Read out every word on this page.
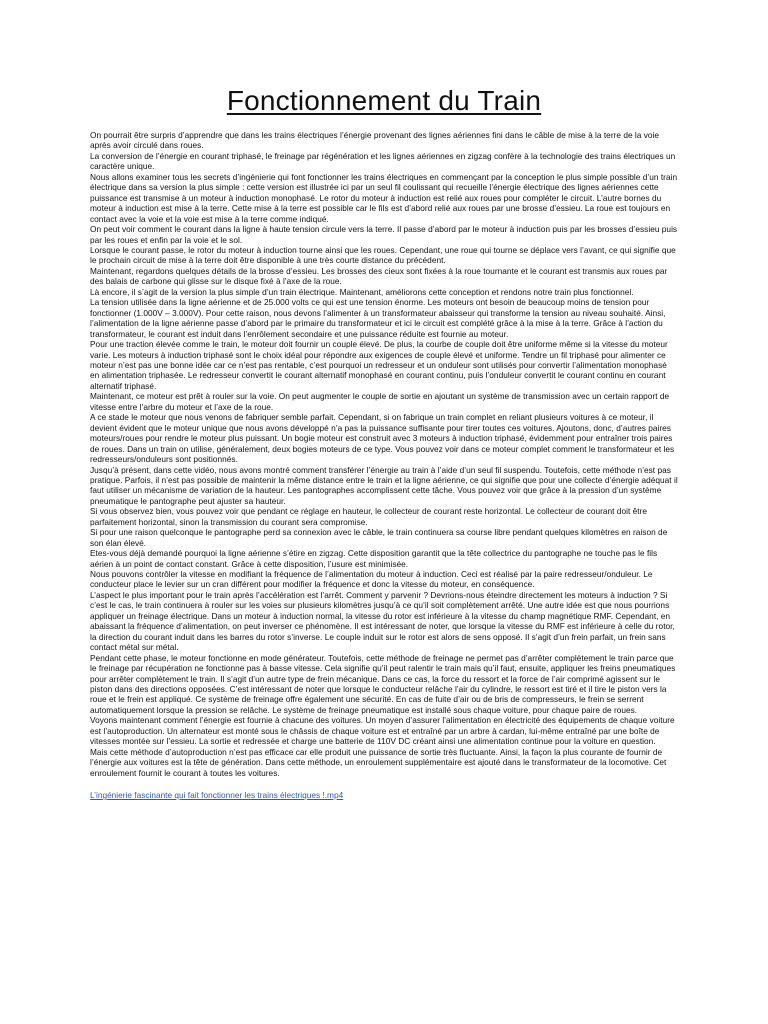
Fonctionnement du Train

On pourrait être surpris d’apprendre que dans les trains électriques l’énergie provenant des lignes aériennes fini dans le câble de mise à la terre de la voie après avoir circulé dans roues.

La conversion de l’énergie en courant triphasé, le freinage par régénération et les lignes aériennes en zigzag confère à la technologie des trains électriques un caractère unique.

Nous allons examiner tous les secrets d’ingénierie qui font fonctionner les trains électriques en commençant par la conception le plus simple possible d’un train électrique dans sa version la plus simple : cette version est illustrée ici par un seul fil coulissant qui recueille l’énergie électrique des lignes aériennes cette puissance est transmise à un moteur à induction monophasé. Le rotor du moteur à induction est relié aux roues pour compléter le circuit. L’autre bornes du moteur à induction est mise à la terre. Cette mise à la terre est possible car le fils est d’abord relié aux roues par une brosse d’essieu. La roue est toujours en contact avec la voie et la voie est mise à la terre comme indiqué.

On peut voir comment le courant dans la ligne à haute tension circule vers la terre. Il passe d’abord par le moteur à induction puis par les brosses d’essieu puis par les roues et enfin par la voie et le sol.

Lorsque le courant passe, le rotor du moteur à induction tourne ainsi que les roues. Cependant, une roue qui tourne se déplace vers l’avant, ce qui signifie que le prochain circuit de mise à la terre doit être disponible à une très courte distance du précédent.

Maintenant, regardons quelques détails de la brosse d’essieu. Les brosses des cieux sont fixées à la roue tournante et le courant est transmis aux roues par des balais de carbone qui glisse sur le disque fixé à l’axe de la roue.

Là encore, il s’agit de la version la plus simple d’un train électrique. Maintenant, améliorons cette conception et rendons notre train plus fonctionnel.

La tension utilisée dans la ligne aérienne et de 25.000 volts ce qui est une tension énorme. Les moteurs ont besoin de beaucoup moins de tension pour fonctionner (1.000V – 3.000V). Pour cette raison, nous devons l’alimenter à un transformateur abaisseur qui transforme la tension au niveau souhaité. Ainsi, l’alimentation de la ligne aérienne passe d’abord par le primaire du transformateur et ici le circuit est complété grâce à la mise à la terre. Grâce à l’action du transformateur, le courant est induit dans l’enrôlement secondaire et une puissance réduite est fournie au moteur.

Pour une traction élevée comme le train, le moteur doit fournir un couple élevé. De plus, la courbe de couple doit être uniforme même si la vitesse du moteur varie. Les moteurs à induction triphasé sont le choix idéal pour répondre aux exigences de couple élevé et uniforme. Tendre un fil triphasé pour alimenter ce moteur n’est pas une bonne idée car ce n’est pas rentable, c’est pourquoi un redresseur et un onduleur sont utilisés pour convertir l’alimentation monophasé en alimentation triphasée. Le redresseur convertit le courant alternatif monophasé en courant continu, puis l’onduleur convertit le courant continu en courant alternatif triphasé.

Maintenant, ce moteur est prêt à rouler sur la voie. On peut augmenter le couple de sortie en ajoutant un système de transmission avec un certain rapport de vitesse entre l’arbre du moteur et l’axe de la roue.

A ce stade le moteur que nous venons de fabriquer semble parfait. Cependant, si on fabrique un train complet en reliant plusieurs voitures à ce moteur, il devient évident que le moteur unique que nous avons développé n’a pas la puissance suffisante pour tirer toutes ces voitures. Ajoutons, donc, d’autres paires moteurs/roues pour rendre le moteur plus puissant. Un bogie moteur est construit avec 3 moteurs à induction triphasé, évidemment pour entraîner trois paires de roues. Dans un train on utilise, généralement, deux bogies moteurs de ce type. Vous pouvez voir dans ce moteur complet comment le transformateur et les redresseurs/onduleurs sont positionnés.

Jusqu’à présent, dans cette vidéo, nous avons montré comment transférer l’énergie au train à l’aide d’un seul fil suspendu. Toutefois, cette méthode n’est pas pratique. Parfois, il n’est pas possible de maintenir la même distance entre le train et la ligne aérienne, ce qui signifie que pour une collecte d’énergie adéquat il faut utiliser un mécanisme de variation de la hauteur. Les pantographes accomplissent cette tâche. Vous pouvez voir que grâce à la pression d’un système pneumatique le pantographe peut ajuster sa hauteur.

Si vous observez bien, vous pouvez voir que pendant ce réglage en hauteur, le collecteur de courant reste horizontal. Le collecteur de courant doit être parfaitement horizontal, sinon la transmission du courant sera compromise.

Si pour une raison quelconque le pantographe perd sa connexion avec le câble, le train continuera sa course libre pendant quelques kilomètres en raison de son élan élevé.

Etes-vous déjà demandé pourquoi la ligne aérienne s’étire en zigzag. Cette disposition garantit que la tête collectrice du pantographe ne touche pas le fils aérien à un point de contact constant. Grâce à cette disposition, l’usure est minimisée.

Nous pouvons contrôler la vitesse en modifiant la fréquence de l’alimentation du moteur à induction. Ceci est réalisé par la paire redresseur/onduleur. Le conducteur place le levier sur un cran différent pour modifier la fréquence et donc la vitesse du moteur, en conséquence.

L’aspect le plus important pour le train après l’accélération est l’arrêt. Comment y parvenir ? Devrions-nous éteindre directement les moteurs à induction ? Si c’est le cas, le train continuera à rouler sur les voies sur plusieurs kilomètres jusqu’à ce qu’il soit complètement arrêté. Une autre idée est que nous pourrions appliquer un freinage électrique. Dans un moteur à induction normal, la vitesse du rotor est inférieure à la vitesse du champ magnétique RMF. Cependant, en abaissant la fréquence d’alimentation, on peut inverser ce phénomène. Il est intéressant de noter, que lorsque la vitesse du RMF est inférieure à celle du rotor, la direction du courant induit dans les barres du rotor s’inverse. Le couple induit sur le rotor est alors de sens opposé. Il s’agit d’un frein parfait, un frein sans contact métal sur métal.

Pendant cette phase, le moteur fonctionne en mode générateur. Toutefois, cette méthode de freinage ne permet pas d’arrêter complètement le train parce que le freinage par récupération ne fonctionne pas à basse vitesse. Cela signifie qu’il peut ralentir le train mais qu’il faut, ensuite, appliquer les freins pneumatiques pour arrêter complètement le train. Il s’agit d’un autre type de frein mécanique. Dans ce cas, la force du ressort et la force de l’air comprimé agissent sur le piston dans des directions opposées. C’est intéressant de noter que lorsque le conducteur relâche l’air du cylindre, le ressort est tiré et il tire le piston vers la roue et le frein est appliqué. Ce système de freinage offre également une sécurité. En cas de fuite d’air ou de bris de compresseurs, le frein se serrent automatiquement lorsque la pression se relâche. Le système de freinage pneumatique est installé sous chaque voiture, pour chaque paire de roues.

Voyons maintenant comment l’énergie est fournie à chacune des voitures. Un moyen d’assurer l’alimentation en électricité des équipements de chaque voiture est l’autoproduction. Un alternateur est monté sous le châssis de chaque voiture est et entraîné par un arbre à cardan, lui-même entraîné par une boîte de vitesses montée sur l’essieu. La sortie et redressée et charge une batterie de 110V DC créant ainsi une alimentation continue pour la voiture en question.

Mais cette méthode d’autoproduction n’est pas efficace car elle produit une puissance de sortie très fluctuante. Ainsi, la façon la plus courante de fournir de l’énergie aux voitures est la tête de génération. Dans cette méthode, un enroulement supplémentaire est ajouté dans le transformateur de la locomotive. Cet enroulement fournit le courant à toutes les voitures.

L’ingénierie fascinante qui fait fonctionner les trains électriques !.mp4
